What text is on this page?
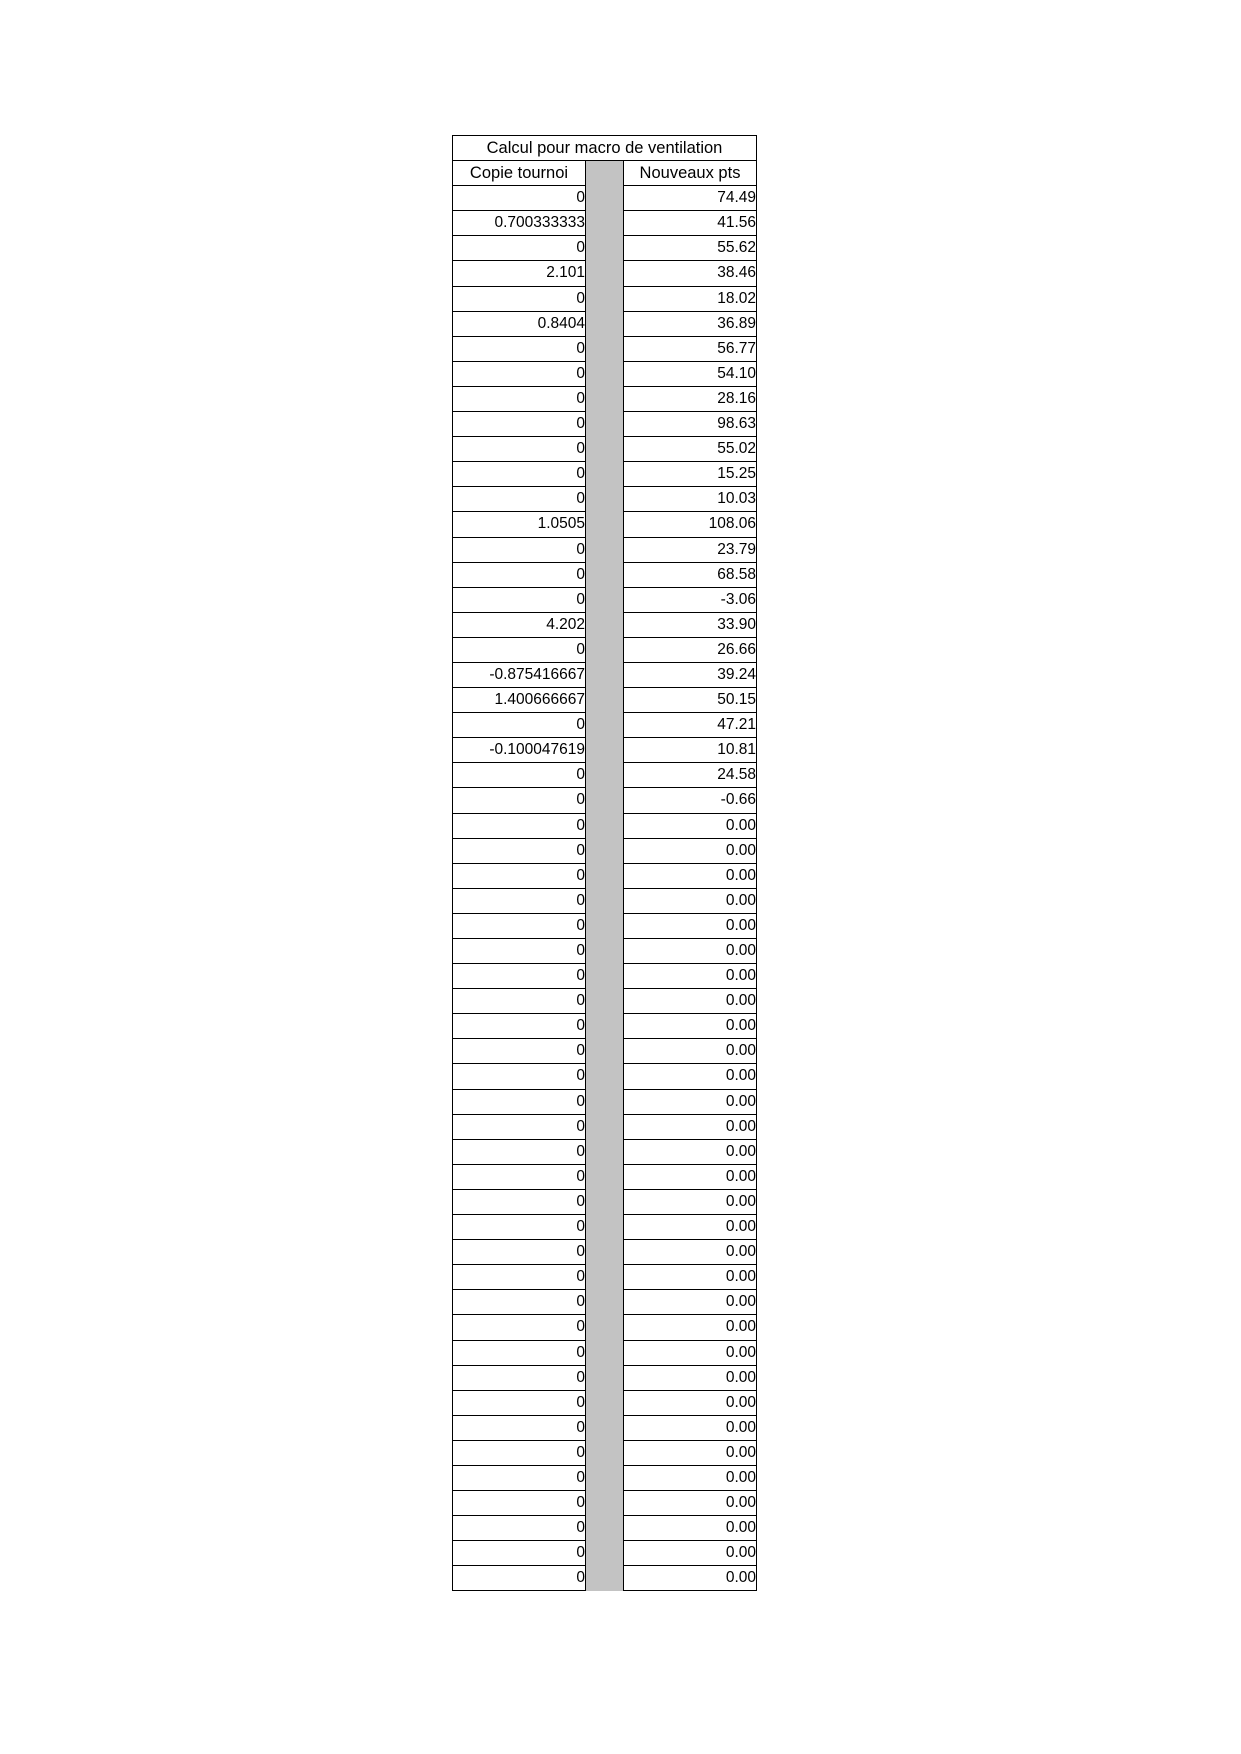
Calcul pour macro de ventilation		
Copie tournoi		Nouveaux pts
0		74.49
0.700333333		41.56
0		55.62
2.101		38.46
0		18.02
0.8404		36.89
0		56.77
0		54.10
0		28.16
0		98.63
0		55.02
0		15.25
0		10.03
1.0505		108.06
0		23.79
0		68.58
0		-3.06
4.202		33.90
0		26.66
-0.875416667		39.24
1.400666667		50.15
0		47.21
-0.100047619		10.81
0		24.58
0		-0.66
0		0.00
0		0.00
0		0.00
0		0.00
0		0.00
0		0.00
0		0.00
0		0.00
0		0.00
0		0.00
0		0.00
0		0.00
0		0.00
0		0.00
0		0.00
0		0.00
0		0.00
0		0.00
0		0.00
0		0.00
0		0.00
0		0.00
0		0.00
0		0.00
0		0.00
0		0.00
0		0.00
0		0.00
0		0.00
0		0.00
0		0.00
